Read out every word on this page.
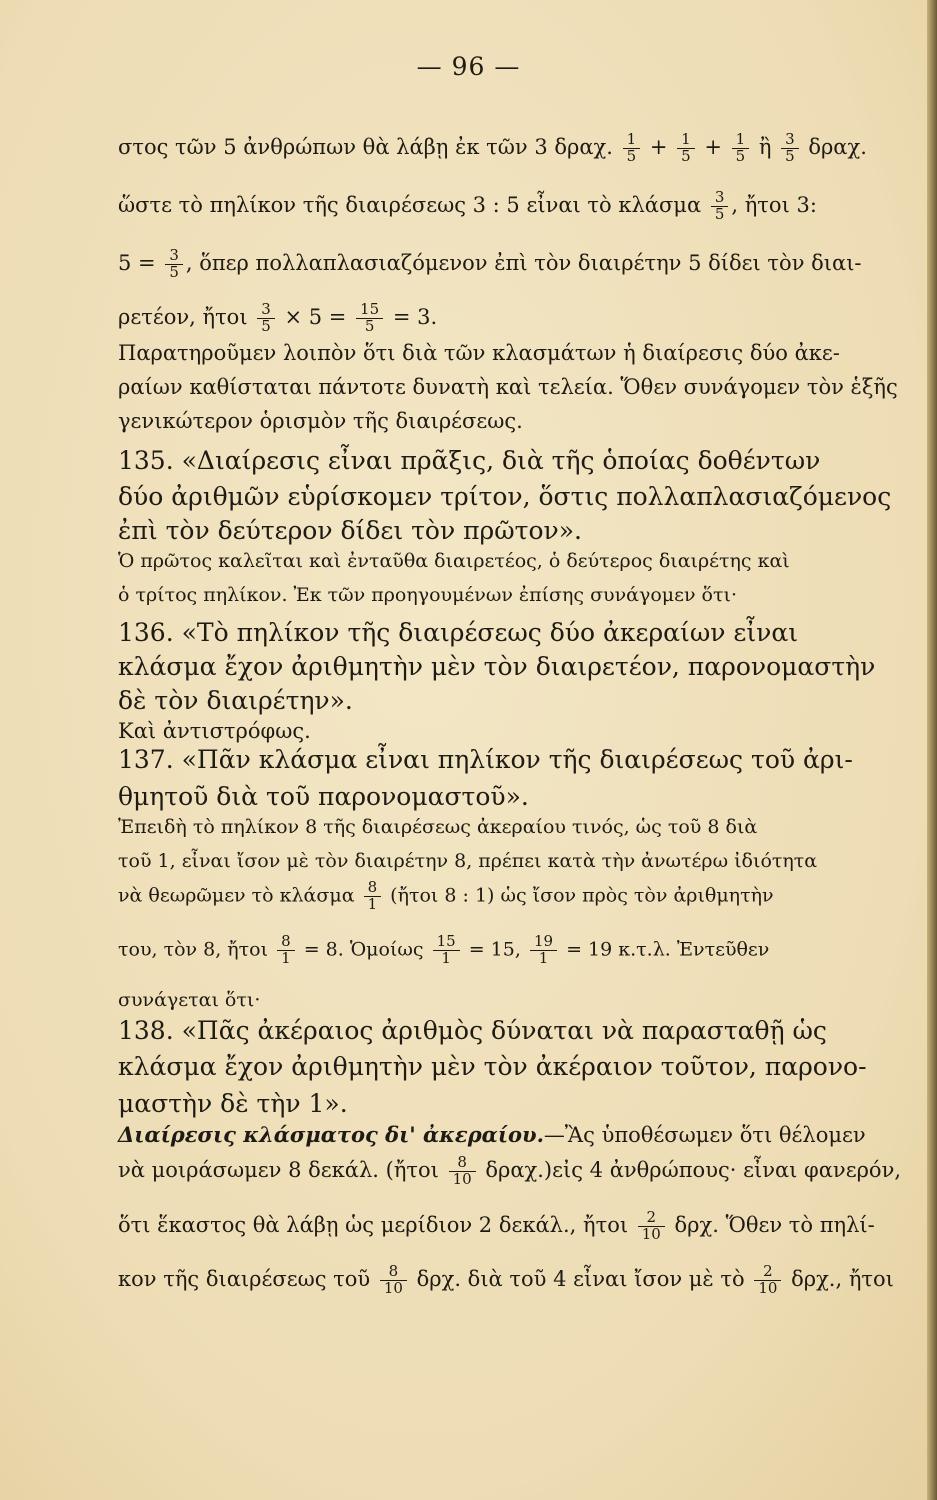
— 96 —
στος τῶν 5 ἀνθρώπων θὰ λάβῃ ἐκ τῶν 3 δραχ. $\frac{1}{5} + \frac{1}{5} + \frac{1}{5}$ ἢ $\frac{3}{5} \delta\rho\alpha\chi$.
ὥστε τὸ πηλίκον τῆς διαιρέσεως 3 : 5 εἶναι τὸ κλάσμα $\frac{3}{5}$ , ἤτοι 3:
$5 = \frac{3}{5}$ , ὅπερ πολλαπλασιαζόμενον ἐπὶ τὸν διαιρέτην 5 δίδει τὸν διαι-
ρετέον, ἤτοι $\frac{3}{5} \times 5 = \frac{15}{5} = 3$.
Παρατηροῦμεν λοιπὸν ὅτι διὰ τῶν κλασμάτων ἡ διαίρεσις δύο ἀκε-
ραίων καθίσταται πάντοτε δυνατὴ καὶ τελεία. Ὅθεν συνάγομεν τὸν ἑξῆς
γενικώτερον ὁρισμὸν τῆς διαιρέσεως.
135. «Διαίρεσις εἶναι πρᾶξις, διὰ τῆς ὁποίας δοθέντων
δύο ἀριθμῶν εὑρίσκομεν τρίτον, ὅστις πολλαπλασιαζόμενος
ἐπὶ τὸν δεύτερον δίδει τὸν πρῶτον».
Ὁ πρῶτος καλεῖται καὶ ἐνταῦθα διαιρετέος, ὁ δεύτερος διαιρέτης καὶ
ὁ τρίτος πηλίκον. Ἐκ τῶν προηγουμένων ἐπίσης συνάγομεν ὅτι·
136. «Τὸ πηλίκον τῆς διαιρέσεως δύο ἀκεραίων εἶναι
κλάσμα ἔχον ἀριθμητὴν μὲν τὸν διαιρετέον, παρονομαστὴν
δὲ τὸν διαιρέτην».
Καὶ ἀντιστρόφως.
137. «Πᾶν κλάσμα εἶναι πηλίκον τῆς διαιρέσεως τοῦ ἀρι-
θμητοῦ διὰ τοῦ παρονομαστοῦ».
Ἐπειδὴ τὸ πηλίκον 8 τῆς διαιρέσεως ἀκεραίου τινός, ὡς τοῦ 8 διὰ
τοῦ 1, εἶναι ἴσον μὲ τὸν διαιρέτην 8, πρέπει κατὰ τὴν ἀνωτέρω ἰδιότητα
νὰ θεωρῶμεν τὸ κλάσμα $\frac{8}{1}$ (ἤτοι 8 : 1) ὡς ἴσον πρὸς τὸν ἀριθμητὴν
του, τὸν 8, ἤτοι $\frac{8}{1} = 8$. Ὁμοίως $\frac{15}{1} = 15$, $\frac{19}{1} = 19$ κ.τ.λ. Ἐντεῦθεν
συνάγεται ὅτι·
138. «Πᾶς ἀκέραιος ἀριθμὸς δύναται νὰ παρασταθῇ ὡς
κλάσμα ἔχον ἀριθμητὴν μὲν τὸν ἀκέραιον τοῦτον, παρονο-
μαστὴν δὲ τὴν 1».
Διαίρεσις κλάσματος δι' ἀκεραίου.—Ἂς ὑποθέσωμεν ὅτι θέλομεν
νὰ μοιράσωμεν 8 δεκάλ. (ἤτοι $\frac{8}{10}$ δραχ.)εἰς 4 ἀνθρώπους· εἶναι φανερόν,
ὅτι ἕκαστος θὰ λάβῃ ὡς μερίδιον 2 δεκάλ., ἤτοι $\frac{2}{10} \delta\rho\chi$. Ὅθεν τὸ πηλί-
κον τῆς διαιρέσεως τοῦ $\frac{8}{10} \delta\rho\chi$. διὰ τοῦ 4 εἶναι ἴσον μὲ τὸ $\frac{2}{10} \delta\rho\chi$., ἤτοι
